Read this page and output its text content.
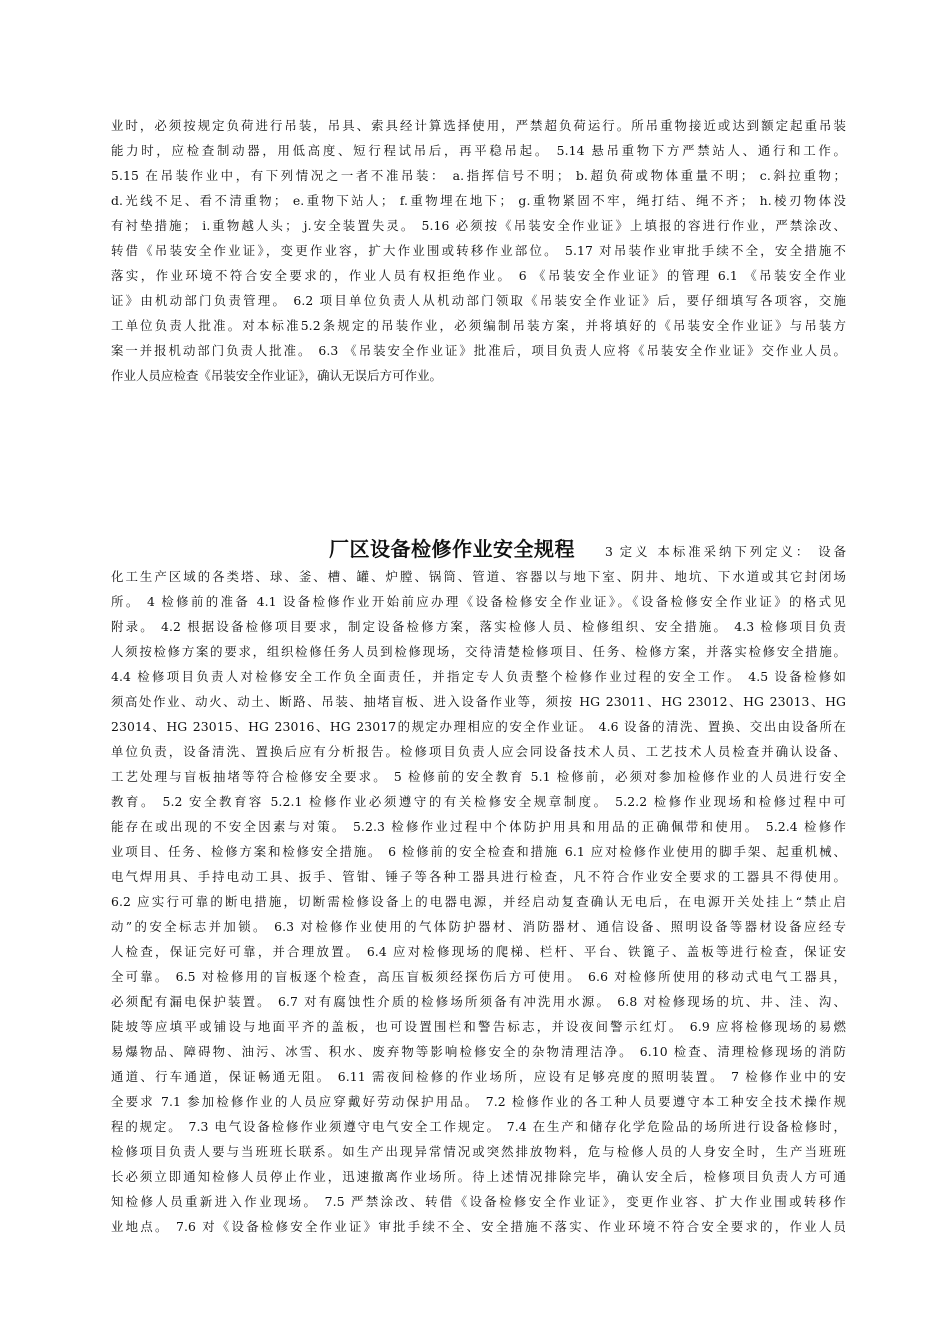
业时，必须按规定负荷进行吊装，吊具、索具经计算选择使用，严禁超负荷运行。所吊重物接近或达到额定起重吊装
能力时，应检查制动器，用低高度、短行程试吊后，再平稳吊起。 5.14 悬吊重物下方严禁站人、通行和工作。
5.15 在吊装作业中，有下列情况之一者不准吊装： a.指挥信号不明； b.超负荷或物体重量不明； c.斜拉重物；
d.光线不足、看不清重物； e.重物下站人； f.重物埋在地下； g.重物紧固不牢，绳打结、绳不齐； h.棱刃物体没
有衬垫措施； i.重物越人头； j.安全装置失灵。 5.16 必须按《吊装安全作业证》上填报的容进行作业，严禁涂改、
转借《吊装安全作业证》，变更作业容，扩大作业围或转移作业部位。 5.17 对吊装作业审批手续不全，安全措施不
落实，作业环境不符合安全要求的，作业人员有权拒绝作业。 6 《吊装安全作业证》的管理 6.1 《吊装安全作业
证》由机动部门负责管理。 6.2 项目单位负责人从机动部门领取《吊装安全作业证》后，要仔细填写各项容，交施
工单位负责人批准。对本标准5.2条规定的吊装作业，必须编制吊装方案，并将填好的《吊装安全作业证》与吊装方
案一并报机动部门负责人批准。 6.3 《吊装安全作业证》批准后，项目负责人应将《吊装安全作业证》交作业人员。
作业人员应检查《吊装安全作业证》，确认无误后方可作业。
厂区设备检修作业安全规程 3 定义 本标准采纳下列定义： 设备
化工生产区域的各类塔、球、釜、槽、罐、炉膛、锅筒、管道、容器以与地下室、阴井、地坑、下水道或其它封闭场
所。 4 检修前的准备 4.1 设备检修作业开始前应办理《设备检修安全作业证》。《设备检修安全作业证》的格式见
附录。 4.2 根据设备检修项目要求，制定设备检修方案，落实检修人员、检修组织、安全措施。 4.3 检修项目负责
人须按检修方案的要求，组织检修任务人员到检修现场，交待清楚检修项目、任务、检修方案，并落实检修安全措施。
4.4 检修项目负责人对检修安全工作负全面责任，并指定专人负责整个检修作业过程的安全工作。 4.5 设备检修如
须高处作业、动火、动土、断路、吊装、抽堵盲板、进入设备作业等，须按 HG 23011、HG 23012、HG 23013、HG
23014、HG 23015、HG 23016、HG 23017的规定办理相应的安全作业证。 4.6 设备的清洗、置换、交出由设备所在
单位负责，设备清洗、置换后应有分析报告。检修项目负责人应会同设备技术人员、工艺技术人员检查并确认设备、
工艺处理与盲板抽堵等符合检修安全要求。 5 检修前的安全教育 5.1 检修前，必须对参加检修作业的人员进行安全
教育。 5.2 安全教育容 5.2.1 检修作业必须遵守的有关检修安全规章制度。 5.2.2 检修作业现场和检修过程中可
能存在或出现的不安全因素与对策。 5.2.3 检修作业过程中个体防护用具和用品的正确佩带和使用。 5.2.4 检修作
业项目、任务、检修方案和检修安全措施。 6 检修前的安全检查和措施 6.1 应对检修作业使用的脚手架、起重机械、
电气焊用具、手持电动工具、扳手、管钳、锤子等各种工器具进行检查，凡不符合作业安全要求的工器具不得使用。
6.2 应实行可靠的断电措施，切断需检修设备上的电器电源，并经启动复查确认无电后，在电源开关处挂上“禁止启
动”的安全标志并加锁。 6.3 对检修作业使用的气体防护器材、消防器材、通信设备、照明设备等器材设备应经专
人检查，保证完好可靠，并合理放置。 6.4 应对检修现场的爬梯、栏杆、平台、铁篦子、盖板等进行检查，保证安
全可靠。 6.5 对检修用的盲板逐个检查，高压盲板须经探伤后方可使用。 6.6 对检修所使用的移动式电气工器具，
必须配有漏电保护装置。 6.7 对有腐蚀性介质的检修场所须备有冲洗用水源。 6.8 对检修现场的坑、井、洼、沟、
陡坡等应填平或铺设与地面平齐的盖板，也可设置围栏和警告标志，并设夜间警示红灯。 6.9 应将检修现场的易燃
易爆物品、障碍物、油污、冰雪、积水、废弃物等影响检修安全的杂物清理洁净。 6.10 检查、清理检修现场的消防
通道、行车通道，保证畅通无阻。 6.11 需夜间检修的作业场所，应设有足够亮度的照明装置。 7 检修作业中的安
全要求 7.1 参加检修作业的人员应穿戴好劳动保护用品。 7.2 检修作业的各工种人员要遵守本工种安全技术操作规
程的规定。 7.3 电气设备检修作业须遵守电气安全工作规定。 7.4 在生产和储存化学危险品的场所进行设备检修时，
检修项目负责人要与当班班长联系。如生产出现异常情况或突然排放物料，危与检修人员的人身安全时，生产当班班
长必须立即通知检修人员停止作业，迅速撤离作业场所。待上述情况排除完毕，确认安全后，检修项目负责人方可通
知检修人员重新进入作业现场。 7.5 严禁涂改、转借《设备检修安全作业证》，变更作业容、扩大作业围或转移作
业地点。 7.6 对《设备检修安全作业证》审批手续不全、安全措施不落实、作业环境不符合安全要求的，作业人员
